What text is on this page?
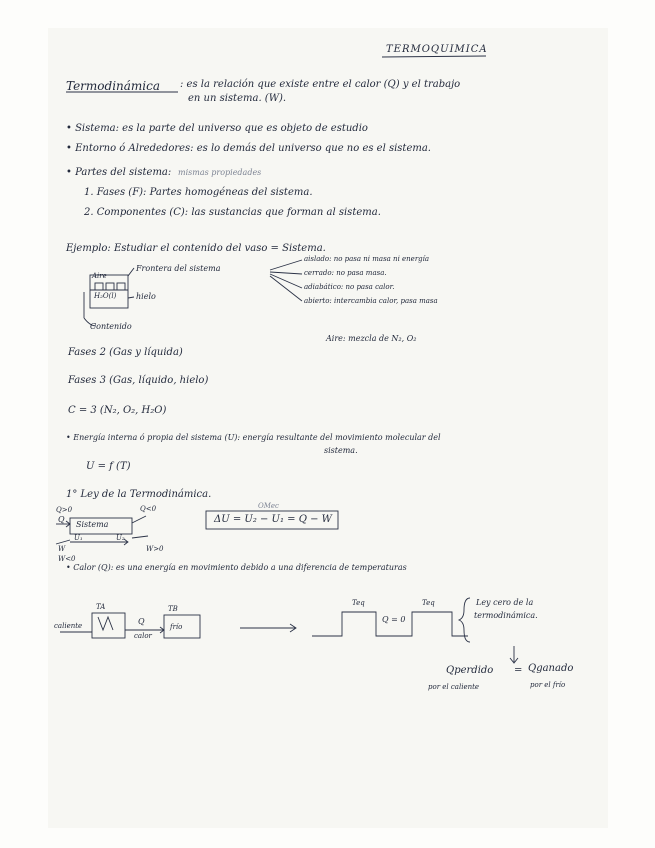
TERMOQUIMICA
Termodinámica : es la relación que existe entre el calor (Q) y el trabajo
en un sistema. (W).
• Sistema: es la parte del universo que es objeto de estudio
• Entorno ó Alrededores: es lo demás del universo que no es el sistema.
• Partes del sistema: mismas propiedades
1. Fases (F): Partes homogéneas del sistema.
2. Componentes (C): las sustancias que forman al sistema.
Ejemplo: Estudiar el contenido del vaso = Sistema.
Aire
H₂O(l)
Frontera del sistema
hielo
Contenido
aislado: no pasa ni masa ni energía
cerrado: no pasa masa.
adiabático: no pasa calor.
abierto: intercambia calor, pasa masa
Aire: mezcla de N₂, O₂
Fases 2 (Gas y líquida)
Fases 3 (Gas, líquido, hielo)
C = 3 (N₂, O₂, H₂O)
• Energía interna ó propia del sistema (U): energía resultante del movimiento molecular del
sistema.
U = f (T)
1° Ley de la Termodinámica.
Q>0	Q<0
Q
Sistema
U₁	U₂
W	W>0
W<0
OMec
ΔU = U₂ − U₁ = Q − W
• Calor (Q): es una energía en movimiento debido a una diferencia de temperaturas
TA	TB
Q
caliente
calor
frío
Teq	Teq
Q = 0
Ley cero de la
termodinámica.
Qperdido = Qganado
por el caliente	por el frío
